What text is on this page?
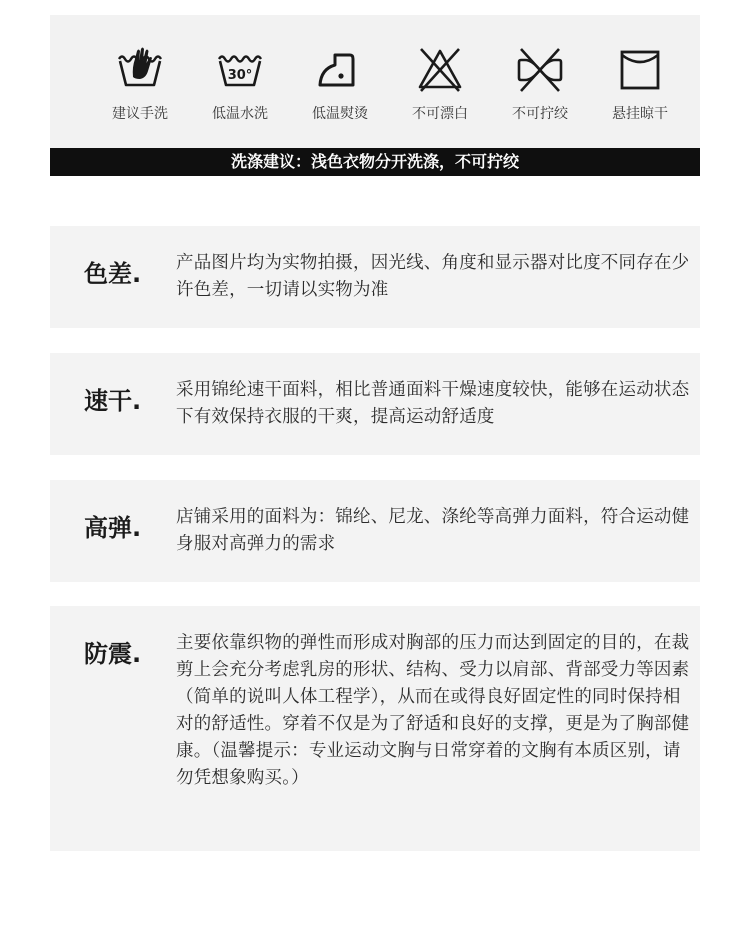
建议手洗
30°
低温水洗	低温熨烫	不可漂白	不可拧绞	悬挂晾干
洗涤建议：浅色衣物分开洗涤，不可拧绞
色差. 产品图片均为实物拍摄，因光线、角度和显示器对比度不同存在少许色差，一切请以实物为准
速干. 采用锦纶速干面料，相比普通面料干燥速度较快，能够在运动状态下有效保持衣服的干爽，提高运动舒适度
高弹. 店铺采用的面料为：锦纶、尼龙、涤纶等高弹力面料，符合运动健身服对高弹力的需求
防震. 主要依靠织物的弹性而形成对胸部的压力而达到固定的目的，在裁剪上会充分考虑乳房的形状、结构、受力以肩部、背部受力等因素（简单的说叫人体工程学），从而在或得良好固定性的同时保持相对的舒适性。穿着不仅是为了舒适和良好的支撑，更是为了胸部健康。（温馨提示：专业运动文胸与日常穿着的文胸有本质区别，请勿凭想象购买。）
